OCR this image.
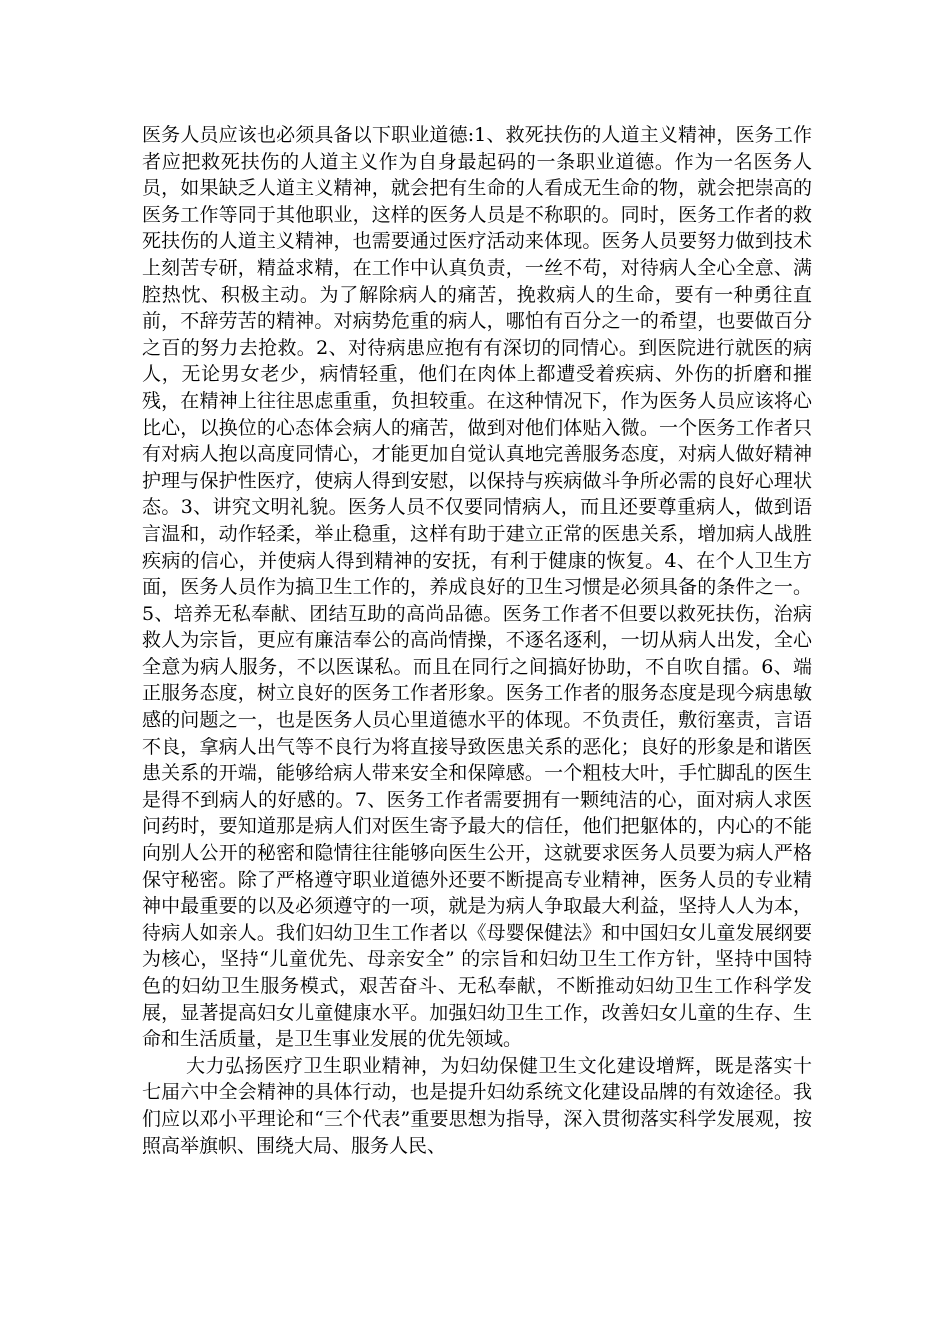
医务人员应该也必须具备以下职业道德:1、救死扶伤的人道主义精神，医务工作者应把救死扶伤的人道主义作为自身最起码的一条职业道德。作为一名医务人员，如果缺乏人道主义精神，就会把有生命的人看成无生命的物，就会把崇高的医务工作等同于其他职业，这样的医务人员是不称职的。同时，医务工作者的救死扶伤的人道主义精神，也需要通过医疗活动来体现。医务人员要努力做到技术上刻苦专研，精益求精，在工作中认真负责，一丝不苟，对待病人全心全意、满腔热忱、积极主动。为了解除病人的痛苦，挽救病人的生命，要有一种勇往直前，不辞劳苦的精神。对病势危重的病人，哪怕有百分之一的希望，也要做百分之百的努力去抢救。2、对待病患应抱有有深切的同情心。到医院进行就医的病人，无论男女老少，病情轻重，他们在肉体上都遭受着疾病、外伤的折磨和摧残，在精神上往往思虑重重，负担较重。在这种情况下，作为医务人员应该将心比心，以换位的心态体会病人的痛苦，做到对他们体贴入微。一个医务工作者只有对病人抱以高度同情心，才能更加自觉认真地完善服务态度，对病人做好精神护理与保护性医疗，使病人得到安慰，以保持与疾病做斗争所必需的良好心理状态。3、讲究文明礼貌。医务人员不仅要同情病人，而且还要尊重病人，做到语言温和，动作轻柔，举止稳重，这样有助于建立正常的医患关系，增加病人战胜疾病的信心，并使病人得到精神的安抚，有利于健康的恢复。4、在个人卫生方面，医务人员作为搞卫生工作的，养成良好的卫生习惯是必须具备的条件之一。5、培养无私奉献、团结互助的高尚品德。医务工作者不但要以救死扶伤，治病救人为宗旨，更应有廉洁奉公的高尚情操，不逐名逐利，一切从病人出发，全心全意为病人服务，不以医谋私。而且在同行之间搞好协助，不自吹自擂。6、端正服务态度，树立良好的医务工作者形象。医务工作者的服务态度是现今病患敏感的问题之一，也是医务人员心里道德水平的体现。不负责任，敷衍塞责，言语不良，拿病人出气等不良行为将直接导致医患关系的恶化；良好的形象是和谐医患关系的开端，能够给病人带来安全和保障感。一个粗枝大叶，手忙脚乱的医生是得不到病人的好感的。7、医务工作者需要拥有一颗纯洁的心，面对病人求医问药时，要知道那是病人们对医生寄予最大的信任，他们把躯体的，内心的不能向别人公开的秘密和隐情往往能够向医生公开，这就要求医务人员要为病人严格保守秘密。除了严格遵守职业道德外还要不断提高专业精神，医务人员的专业精神中最重要的以及必须遵守的一项，就是为病人争取最大利益，坚持人人为本，待病人如亲人。我们妇幼卫生工作者以《母婴保健法》和中国妇女儿童发展纲要为核心，坚持“儿童优先、母亲安全” 的宗旨和妇幼卫生工作方针，坚持中国特色的妇幼卫生服务模式，艰苦奋斗、无私奉献，不断推动妇幼卫生工作科学发展，显著提高妇女儿童健康水平。加强妇幼卫生工作，改善妇女儿童的生存、生命和生活质量，是卫生事业发展的优先领域。

大力弘扬医疗卫生职业精神，为妇幼保健卫生文化建设增辉，既是落实十七届六中全会精神的具体行动，也是提升妇幼系统文化建设品牌的有效途径。我们应以邓小平理论和“三个代表”重要思想为指导，深入贯彻落实科学发展观，按照高举旗帜、围绕大局、服务人民、
